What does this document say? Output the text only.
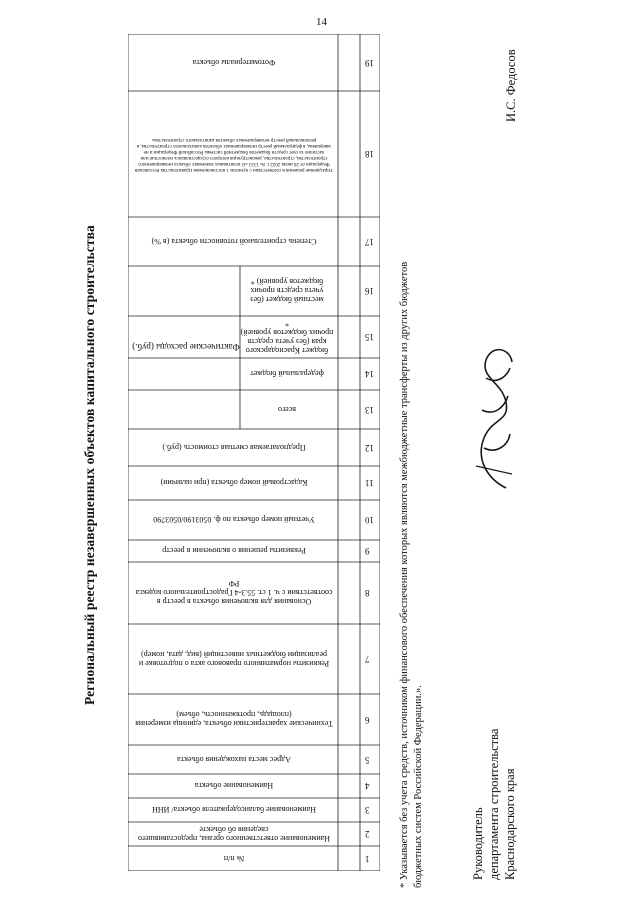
14
Региональный реестр незавершенных объектов капитального строительства
1
№ п/п
2
Наименование ответственного органа, предоставившего сведения об объекте
3
Наименование балансодержателя объекта/ ИНН
4
Наименование объекта
5
Адрес места нахождения объекта
6
Технические характеристики объекта, единица измерения (площадь, протяженность, объем)
7
Реквизиты нормативного правового акта о подготовке и реализации бюджетных инвестиций (вид, дата, номер)
8
Основания для включения объекта в реестр в соответствии с ч. 1 ст. 55.3-4 Градостроительного кодекса РФ
9
Реквизиты решения о включении в реестр
10
Учетный номер объекта по ф. 0503190/0503790
11
Кадастровый номер объекта (при наличии)
12
Предполагаемая сметная стоимость (руб.)
13
всего
14
федеральный бюджет
15
бюджет Краснодарского края (без учета средств прочих бюджетов уровней) *
16
местный бюджет (без учета средств прочих бюджетов уровней) *
17
Степень строительной готовности объекта (в %)
18
Упразднение решения в соответствии с пунктом 1 постановления Правительства Российской Федерации от 26 июля 2022 г. № 1333 «О позитивных значениях объекта незавершенного строительства, строительство, реконструкция которого осуществлялись полностью или частично за счет средств бюджетов бюджетной системы Российской Федерации и не завершены, в федеральный реестр незавершенных объектов капитального строительства, в региональный реестр незавершенных объектов капитального строительства»
19
Фотоматериалы объекта
Фактические расходы (руб.)	* Указывается без учета средств, источником финансового обеспечения которых являются межбюджетные трансферты из других бюджетов бюджетных систем Российской Федерации.».	Руководитель департамента строительства Краснодарского края
И.С. Федосов
